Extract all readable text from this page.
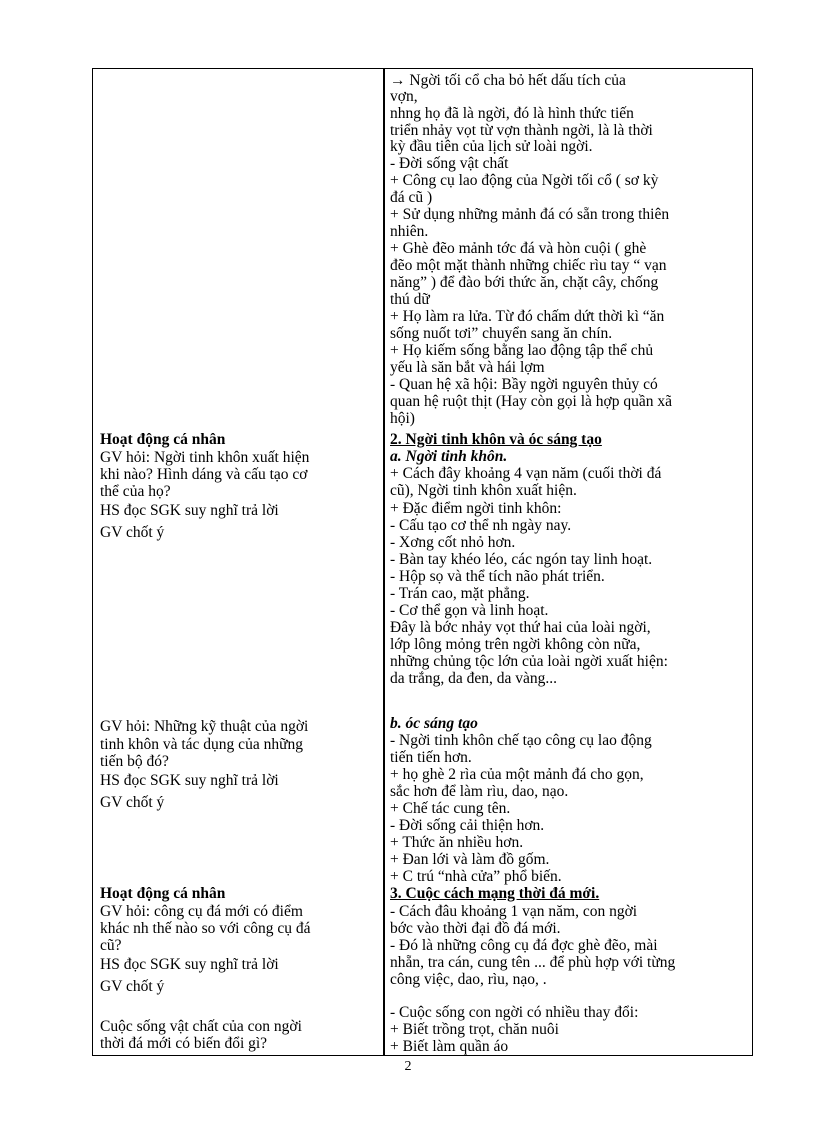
Hoạt động cá nhân
GV hỏi: Ngời tinh khôn xuất hiện
khi nào? Hình dáng và cấu tạo cơ
thể của họ?
HS đọc SGK suy nghĩ trả lời
GV chốt ý
GV hỏi: Những kỹ thuật của ngời
tinh khôn và tác dụng của những
tiến bộ đó?
HS đọc SGK suy nghĩ trả lời
GV chốt ý
Hoạt động cá nhân
GV hỏi: công cụ đá mới có điểm
khác nh thế nào so với công cụ đá
cũ?
HS đọc SGK suy nghĩ trả lời
GV chốt ý
Cuộc sống vật chất của con ngời
thời đá mới có biến đổi gì?
→ Ngời tối cổ cha bỏ hết dấu tích của
vợn,
nhng họ đã là ngời, đó là hình thức tiến
triển nhảy vọt từ vợn thành ngời, là là thời
kỳ đầu tiên của lịch sử loài ngời.
- Đời sống vật chất
+ Công cụ lao động của Ngời tối cổ ( sơ kỳ
đá cũ )
+ Sử dụng những mảnh đá có sẵn trong thiên
nhiên.
+ Ghè đẽo mảnh tớc đá và hòn cuội ( ghè
đẽo một mặt thành những chiếc rìu tay “ vạn
năng” ) để đào bới thức ăn, chặt cây, chống
thú dữ
+ Họ làm ra lửa. Từ đó chấm dứt thời kì “ăn
sống nuốt tơi” chuyển sang ăn chín.
+ Họ kiếm sống bằng lao động tập thể chủ
yếu là săn bắt và hái lợm
- Quan hệ xã hội: Bầy ngời nguyên thủy có
quan hệ ruột thịt (Hay còn gọi là hợp quần xã
hội)
2. Ngời tinh khôn và óc sáng tạo
a. Ngời tinh khôn.
+ Cách đây khoảng 4 vạn năm (cuối thời đá
cũ), Ngời tinh khôn xuất hiện.
+ Đặc điểm ngời tinh khôn:
- Cấu tạo cơ thể nh ngày nay.
- Xơng cốt nhỏ hơn.
- Bàn tay khéo léo, các ngón tay linh hoạt.
- Hộp sọ và thể tích não phát triển.
- Trán cao, mặt phẳng.
- Cơ thể gọn và linh hoạt.
Đây là bớc nhảy vọt thứ hai của loài ngời,
lớp lông mỏng trên ngời không còn nữa,
những chủng tộc lớn của loài ngời xuất hiện:
da trắng, da đen, da vàng...
b. óc sáng tạo
- Ngời tinh khôn chế tạo công cụ lao động
tiến tiến hơn.
+ họ ghè 2 rìa của một mảnh đá cho gọn,
sắc hơn để làm rìu, dao, nạo.
+ Chế tác cung tên.
- Đời sống cải thiện hơn.
+ Thức ăn nhiều hơn.
+ Đan lới và làm đồ gốm.
+ C trú “nhà cửa” phổ biến.
3. Cuộc cách mạng thời đá mới.
- Cách đâu khoảng 1 vạn năm, con ngời
bớc vào thời đại đồ đá mới.
- Đó là những công cụ đá đợc ghè đẽo, mài
nhẵn, tra cán, cung tên ... để phù hợp với từng
công việc, dao, rìu, nạo, .
- Cuộc sống con ngời có nhiều thay đổi:
+ Biết trồng trọt, chăn nuôi
+ Biết làm quần áo
2
